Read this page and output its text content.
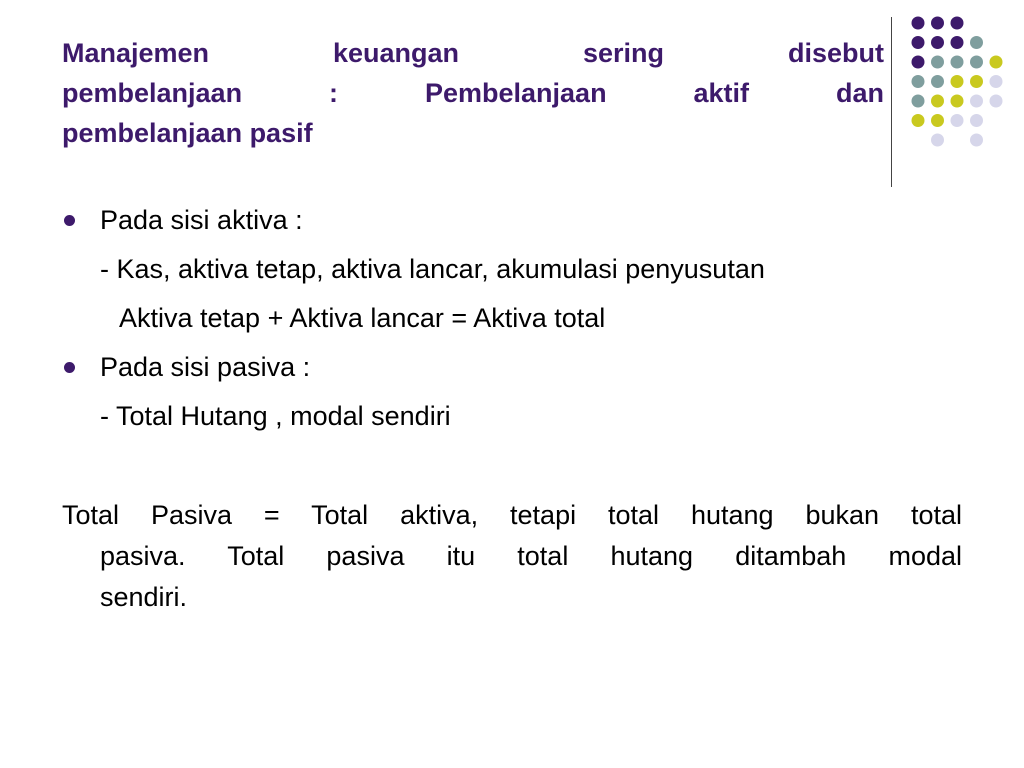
Manajemen keuangan sering disebut
pembelanjaan : Pembelanjaan aktif dan
pembelanjaan pasif
Pada sisi aktiva :
- Kas, aktiva tetap, aktiva lancar, akumulasi penyusutan
Aktiva tetap + Aktiva lancar = Aktiva total
Pada sisi pasiva :
- Total Hutang , modal sendiri
Total Pasiva = Total aktiva, tetapi total hutang bukan total
pasiva. Total pasiva itu total hutang ditambah modal
sendiri.
